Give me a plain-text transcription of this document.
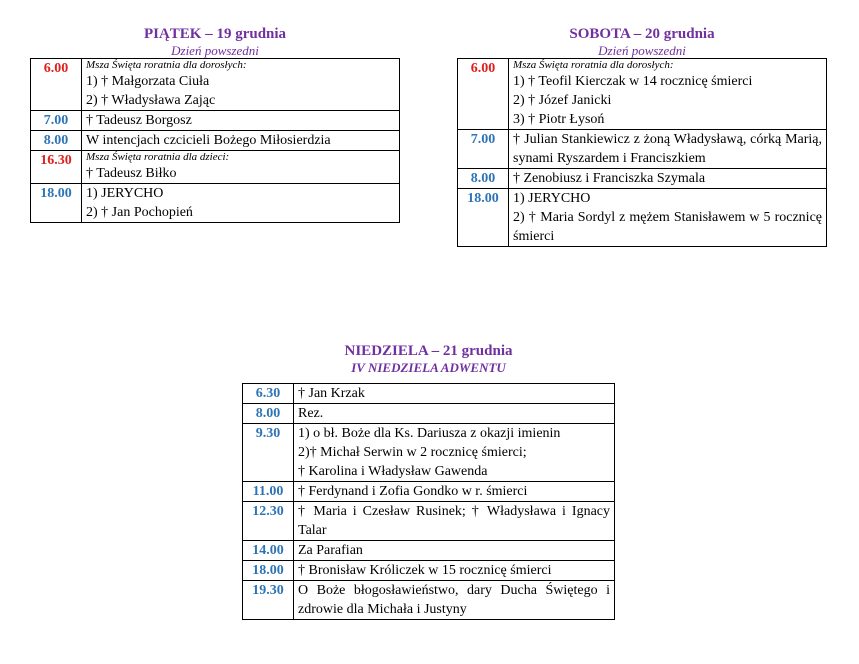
PIĄTEK – 19 grudnia
Dzień powszedni
6.00	Msza Święta roratnia dla dorosłych:
1) † Małgorzata Ciuła
2) † Władysława Zając

7.00	† Tadeusz Borgosz
8.00	W intencjach czcicieli Bożego Miłosierdzia
16.30	Msza Święta roratnia dla dzieci:
† Tadeusz Biłko

18.00	1) JERYCHO
2) † Jan Pochopień
SOBOTA – 20 grudnia
Dzień powszedni
6.00	Msza Święta roratnia dla dorosłych:
1) † Teofil Kierczak w 14 rocznicę śmierci
2) † Józef Janicki
3) † Piotr Łysoń

7.00	† Julian Stankiewicz z żoną Władysławą, córką Marią, synami Ryszardem i Franciszkiem
8.00	† Zenobiusz i Franciszka Szymala
18.00	1) JERYCHO
2) † Maria Sordyl z mężem Stanisławem w 5 rocznicę śmierci
NIEDZIELA – 21 grudnia
IV NIEDZIELA ADWENTU
6.30	† Jan Krzak
8.00	Rez.
9.30	1) o bł. Boże dla Ks. Dariusza z okazji imienin
2)† Michał Serwin w 2 rocznicę śmierci;
† Karolina i Władysław Gawenda

11.00	† Ferdynand i Zofia Gondko w r. śmierci
12.30	† Maria i Czesław Rusinek; † Władysława i Ignacy Talar
14.00	Za Parafian
18.00	† Bronisław Króliczek w 15 rocznicę śmierci
19.30	O Boże błogosławieństwo, dary Ducha Świętego i zdrowie dla Michała i Justyny
